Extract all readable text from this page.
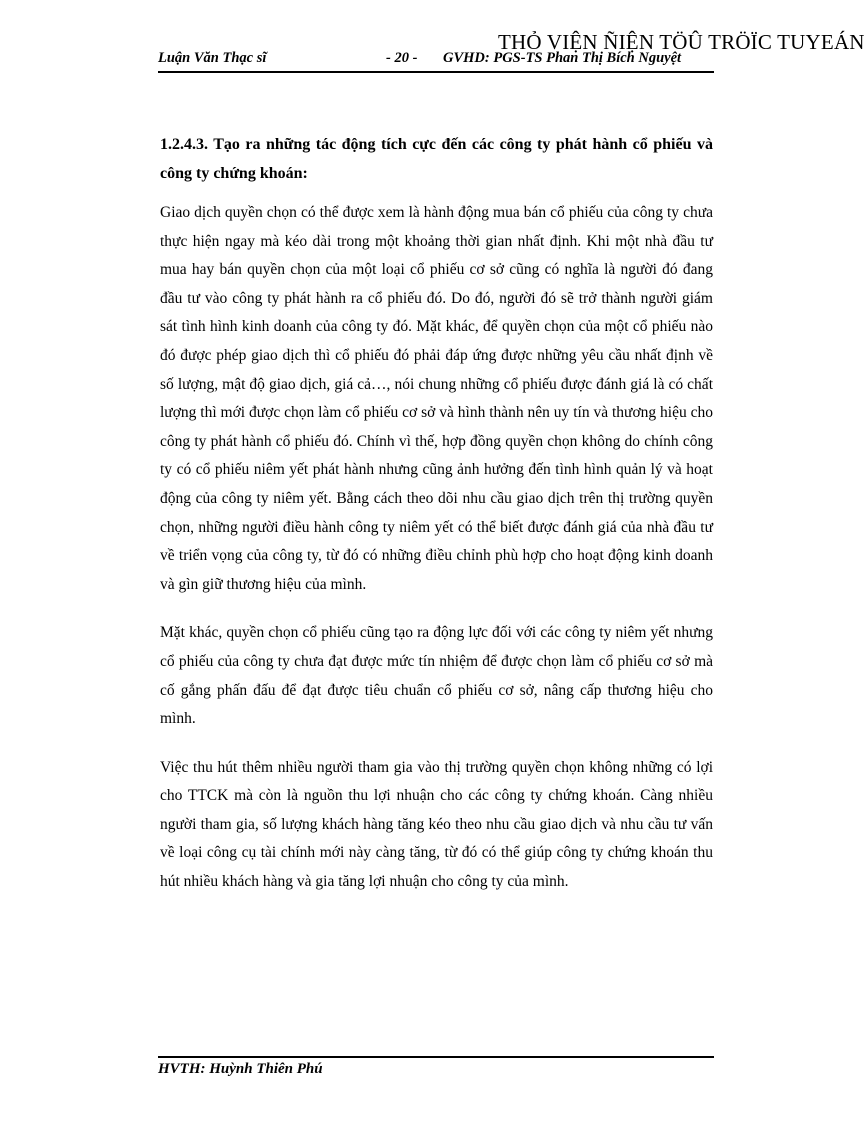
THỎ VIỆN ÑIỆN TÖÛ TRÖÏC TUYEÁN
Luận Văn Thạc sĩ	- 20 - GVHD: PGS-TS Phan Thị Bích Nguyệt

1.2.4.3. Tạo ra những tác động tích cực đến các công ty phát hành cổ phiếu và công ty chứng khoán:

Giao dịch quyền chọn có thể được xem là hành động mua bán cổ phiếu của công ty chưa thực hiện ngay mà kéo dài trong một khoảng thời gian nhất định. Khi một nhà đầu tư mua hay bán quyền chọn của một loại cổ phiếu cơ sở cũng có nghĩa là người đó đang đầu tư vào công ty phát hành ra cổ phiếu đó. Do đó, người đó sẽ trở thành người giám sát tình hình kinh doanh của công ty đó. Mặt khác, để quyền chọn của một cổ phiếu nào đó được phép giao dịch thì cổ phiếu đó phải đáp ứng được những yêu cầu nhất định về số lượng, mật độ giao dịch, giá cả…, nói chung những cổ phiếu được đánh giá là có chất lượng thì mới được chọn làm cổ phiếu cơ sở và hình thành nên uy tín và thương hiệu cho công ty phát hành cổ phiếu đó. Chính vì thế, hợp đồng quyền chọn không do chính công ty có cổ phiếu niêm yết phát hành nhưng cũng ảnh hưởng đến tình hình quản lý và hoạt động của công ty niêm yết. Bằng cách theo dõi nhu cầu giao dịch trên thị trường quyền chọn, những người điều hành công ty niêm yết có thể biết được đánh giá của nhà đầu tư về triển vọng của công ty, từ đó có những điều chỉnh phù hợp cho hoạt động kinh doanh và gìn giữ thương hiệu của mình.

Mặt khác, quyền chọn cổ phiếu cũng tạo ra động lực đối với các công ty niêm yết nhưng cổ phiếu của công ty chưa đạt được mức tín nhiệm để được chọn làm cổ phiếu cơ sở mà cố gắng phấn đấu để đạt được tiêu chuẩn cổ phiếu cơ sở, nâng cấp thương hiệu cho mình.

Việc thu hút thêm nhiều người tham gia vào thị trường quyền chọn không những có lợi cho TTCK mà còn là nguồn thu lợi nhuận cho các công ty chứng khoán. Càng nhiều người tham gia, số lượng khách hàng tăng kéo theo nhu cầu giao dịch và nhu cầu tư vấn về loại công cụ tài chính mới này càng tăng, từ đó có thể giúp công ty chứng khoán thu hút nhiều khách hàng và gia tăng lợi nhuận cho công ty của mình.

HVTH: Huỳnh Thiên Phú
